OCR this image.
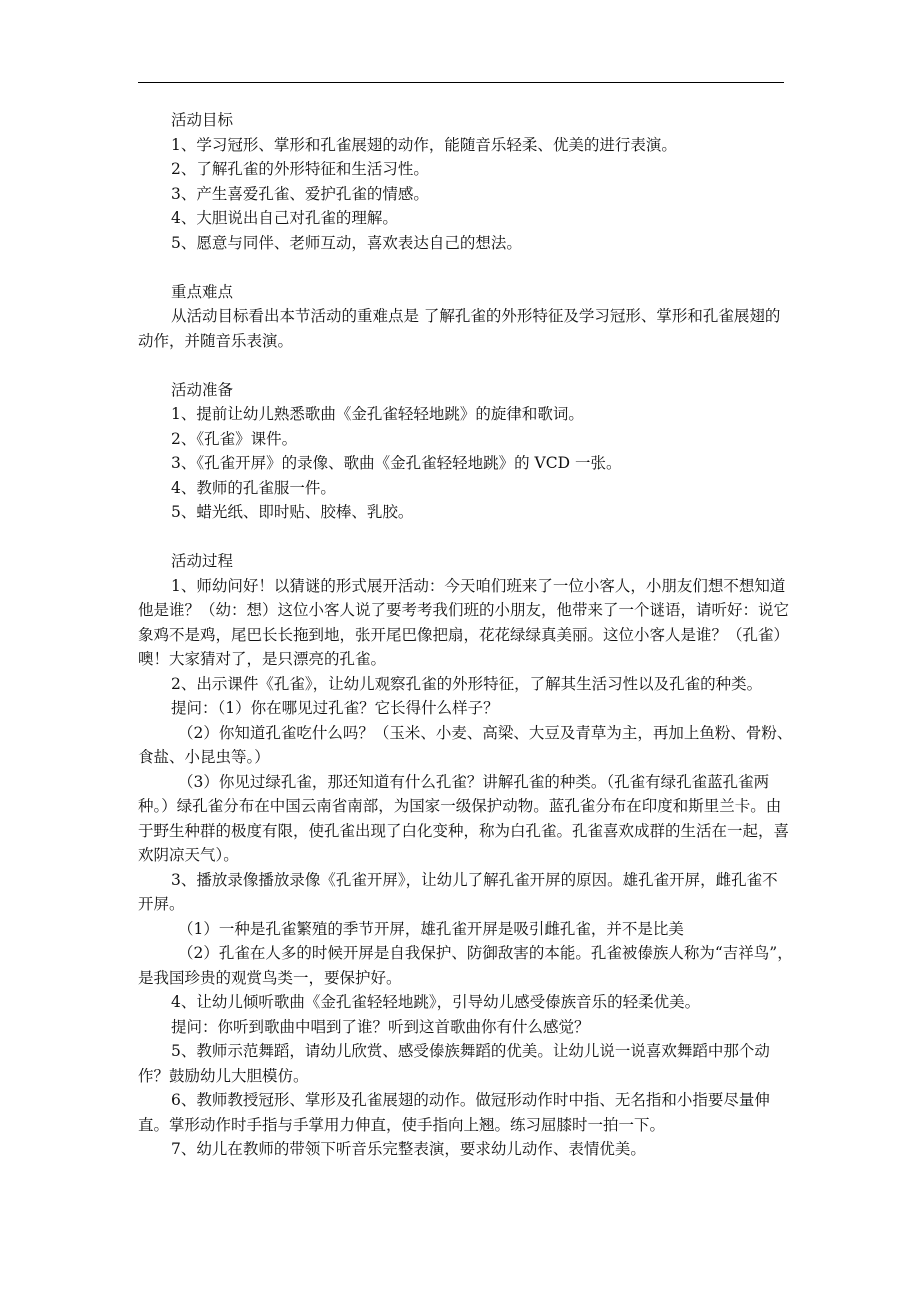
活动目标

1、学习冠形、掌形和孔雀展翅的动作，能随音乐轻柔、优美的进行表演。

2、了解孔雀的外形特征和生活习性。

3、产生喜爱孔雀、爱护孔雀的情感。

4、大胆说出自己对孔雀的理解。

5、愿意与同伴、老师互动，喜欢表达自己的想法。

重点难点

从活动目标看出本节活动的重难点是 了解孔雀的外形特征及学习冠形、掌形和孔雀展翅的动作，并随音乐表演。

活动准备

1、提前让幼儿熟悉歌曲《金孔雀轻轻地跳》的旋律和歌词。

2、《孔雀》课件。

3、《孔雀开屏》的录像、歌曲《金孔雀轻轻地跳》的 VCD 一张。

4、教师的孔雀服一件。

5、蜡光纸、即时贴、胶棒、乳胶。

活动过程

1、师幼问好！以猜谜的形式展开活动：今天咱们班来了一位小客人，小朋友们想不想知道他是谁？（幼：想）这位小客人说了要考考我们班的小朋友，他带来了一个谜语，请听好：说它象鸡不是鸡，尾巴长长拖到地，张开尾巴像把扇，花花绿绿真美丽。这位小客人是谁？（孔雀）噢！大家猜对了，是只漂亮的孔雀。

2、出示课件《孔雀》，让幼儿观察孔雀的外形特征，了解其生活习性以及孔雀的种类。

提问：（1）你在哪见过孔雀？它长得什么样子？

（2）你知道孔雀吃什么吗？（玉米、小麦、高梁、大豆及青草为主，再加上鱼粉、骨粉、食盐、小昆虫等。）

（3）你见过绿孔雀，那还知道有什么孔雀？讲解孔雀的种类。（孔雀有绿孔雀蓝孔雀两种。）绿孔雀分布在中国云南省南部，为国家一级保护动物。蓝孔雀分布在印度和斯里兰卡。由于野生种群的极度有限，使孔雀出现了白化变种，称为白孔雀。孔雀喜欢成群的生活在一起，喜欢阴凉天气）。

3、播放录像播放录像《孔雀开屏》，让幼儿了解孔雀开屏的原因。雄孔雀开屏，雌孔雀不开屏。

（1）一种是孔雀繁殖的季节开屏，雄孔雀开屏是吸引雌孔雀，并不是比美

（2）孔雀在人多的时候开屏是自我保护、防御敌害的本能。孔雀被傣族人称为“吉祥鸟”，是我国珍贵的观赏鸟类一，要保护好。

4、让幼儿倾听歌曲《金孔雀轻轻地跳》，引导幼儿感受傣族音乐的轻柔优美。

提问：你听到歌曲中唱到了谁？听到这首歌曲你有什么感觉？

5、教师示范舞蹈，请幼儿欣赏、感受傣族舞蹈的优美。让幼儿说一说喜欢舞蹈中那个动作？鼓励幼儿大胆模仿。

6、教师教授冠形、掌形及孔雀展翅的动作。做冠形动作时中指、无名指和小指要尽量伸直。掌形动作时手指与手掌用力伸直，使手指向上翘。练习屈膝时一拍一下。

7、幼儿在教师的带领下听音乐完整表演，要求幼儿动作、表情优美。
